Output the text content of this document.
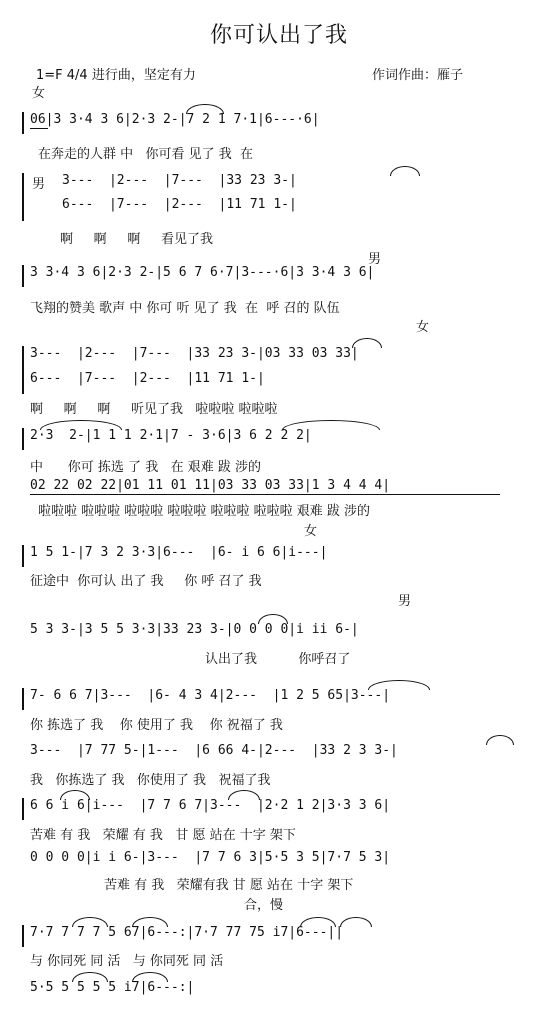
你可认出了我
1=F 4/4 进行曲，坚定有力	作词作曲：雁子
女
06|3 3·4 3 6|2·3 2-|7 2 1 7·1|6---·6|
在奔走的人群 中   你可看 见了 我  在
男 3---  |2---  |7---  |33 23 3-|
6---  |7---  |2---  |11 71 1-|
啊     啊     啊     看见了我
男
3 3·4 3 6|2·3 2-|5 6 7 6·7|3---·6|3 3·4 3 6|
飞翔的赞美 歌声 中 你可 听 见了 我  在  呼 召的 队伍
女
3---  |2---  |7---  |33 23 3-|03 33 03 33|
6---  |7---  |2---  |11 71 1-|
啊     啊     啊     听见了我   啦啦啦 啦啦啦
2·3  2-|1 1 1 2·1|7 - 3·6|3 6 2 2 2|
中      你可 拣选 了 我   在 艰难 跋 涉的
02 22 02 22|01 11 01 11|03 33 03 33|1 3 4 4 4|
啦啦啦 啦啦啦 啦啦啦 啦啦啦 啦啦啦 啦啦啦 艰难 跋 涉的
女
1 5 1-|7 3 2 3·3|6---  |6- i 6 6|i---|
征途中  你可认 出了 我     你 呼 召了 我
男
5 3 3-|3 5 5 3·3|33 23 3-|0 0 0 0|i ii 6-|
认出了我          你呼召了
7- 6 6 7|3---  |6- 4 3 4|2---  |1 2 5 65|3---|
你 拣选了 我    你 使用了 我    你 祝福了 我
3---  |7 77 5-|1---  |6 66 4-|2---  |33 2 3 3-|
我   你拣选了 我   你使用了 我   祝福了我
6 6 i 6|i---  |7 7 6 7|3---  |2·2 1 2|3·3 3 6|
苦难 有 我   荣耀 有 我   甘 愿 站在 十字 架下
0 0 0 0|i i 6-|3---  |7 7 6 3|5·5 3 5|7·7 5 3|
苦难 有 我   荣耀有我 甘 愿 站在 十字 架下
合，慢
7·7 7 7 7 5 67|6---:|7·7 77 75 i7|6---||
与 你同死 同 活   与 你同死 同 活
5·5 5 5 5 5 i7|6---:|
